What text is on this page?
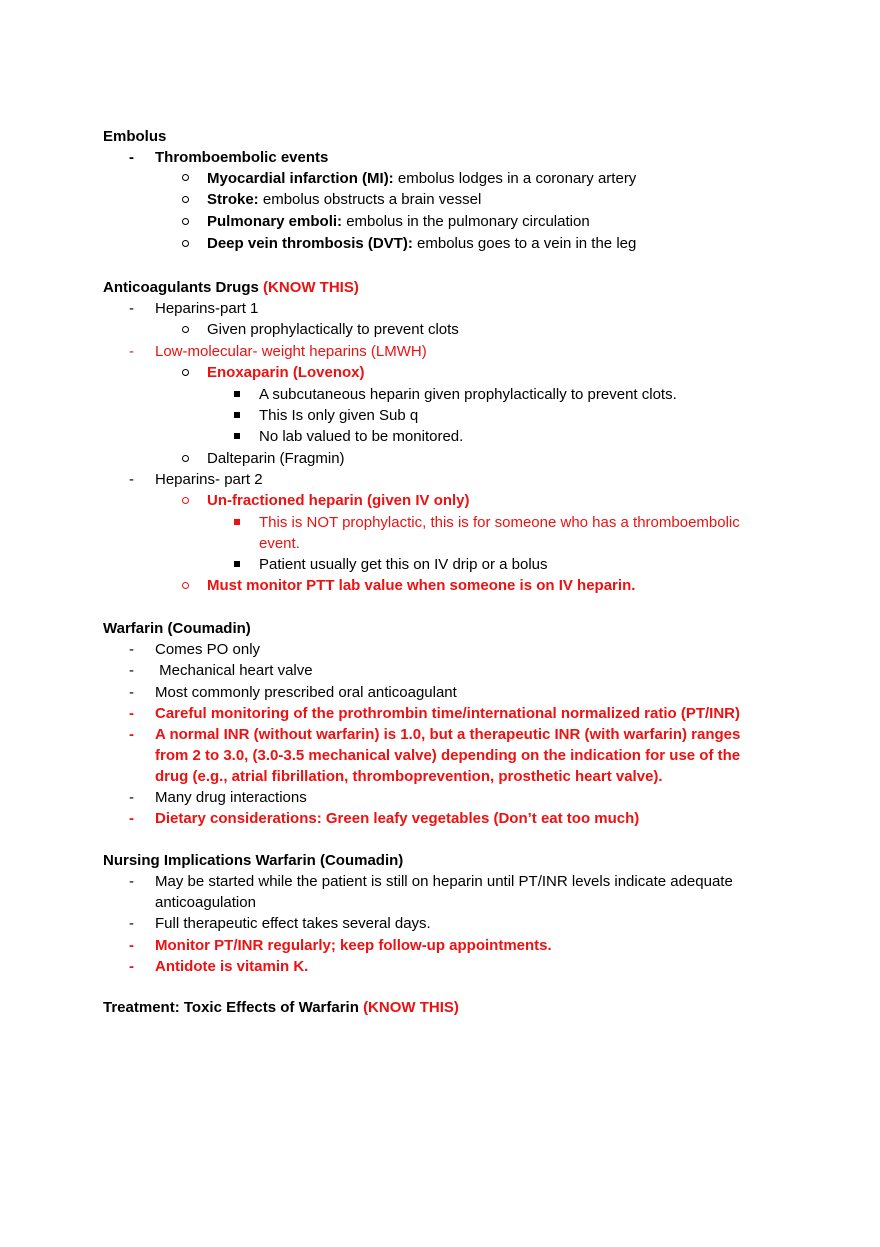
Embolus
- Thromboembolic events
Myocardial infarction (MI): embolus lodges in a coronary artery
Stroke: embolus obstructs a brain vessel
Pulmonary emboli: embolus in the pulmonary circulation
Deep vein thrombosis (DVT): embolus goes to a vein in the leg
Anticoagulants Drugs (KNOW THIS)
- Heparins-part 1
Given prophylactically to prevent clots
- Low-molecular- weight heparins (LMWH)
Enoxaparin (Lovenox)
A subcutaneous heparin given prophylactically to prevent clots.
This Is only given Sub q
No lab valued to be monitored.
Dalteparin (Fragmin)
- Heparins- part 2
Un-fractioned heparin (given IV only)
This is NOT prophylactic, this is for someone who has a thromboembolic
event.
Patient usually get this on IV drip or a bolus
Must monitor PTT lab value when someone is on IV heparin.
Warfarin (Coumadin)
- Comes PO only
- Mechanical heart valve
- Most commonly prescribed oral anticoagulant
- Careful monitoring of the prothrombin time/international normalized ratio (PT/INR)
- A normal INR (without warfarin) is 1.0, but a therapeutic INR (with warfarin) ranges
from 2 to 3.0, (3.0-3.5 mechanical valve) depending on the indication for use of the
drug (e.g., atrial fibrillation, thromboprevention, prosthetic heart valve).
- Many drug interactions
- Dietary considerations: Green leafy vegetables (Don’t eat too much)
Nursing Implications Warfarin (Coumadin)
- May be started while the patient is still on heparin until PT/INR levels indicate adequate
anticoagulation
- Full therapeutic effect takes several days.
- Monitor PT/INR regularly; keep follow-up appointments.
- Antidote is vitamin K.
Treatment: Toxic Effects of Warfarin (KNOW THIS)
